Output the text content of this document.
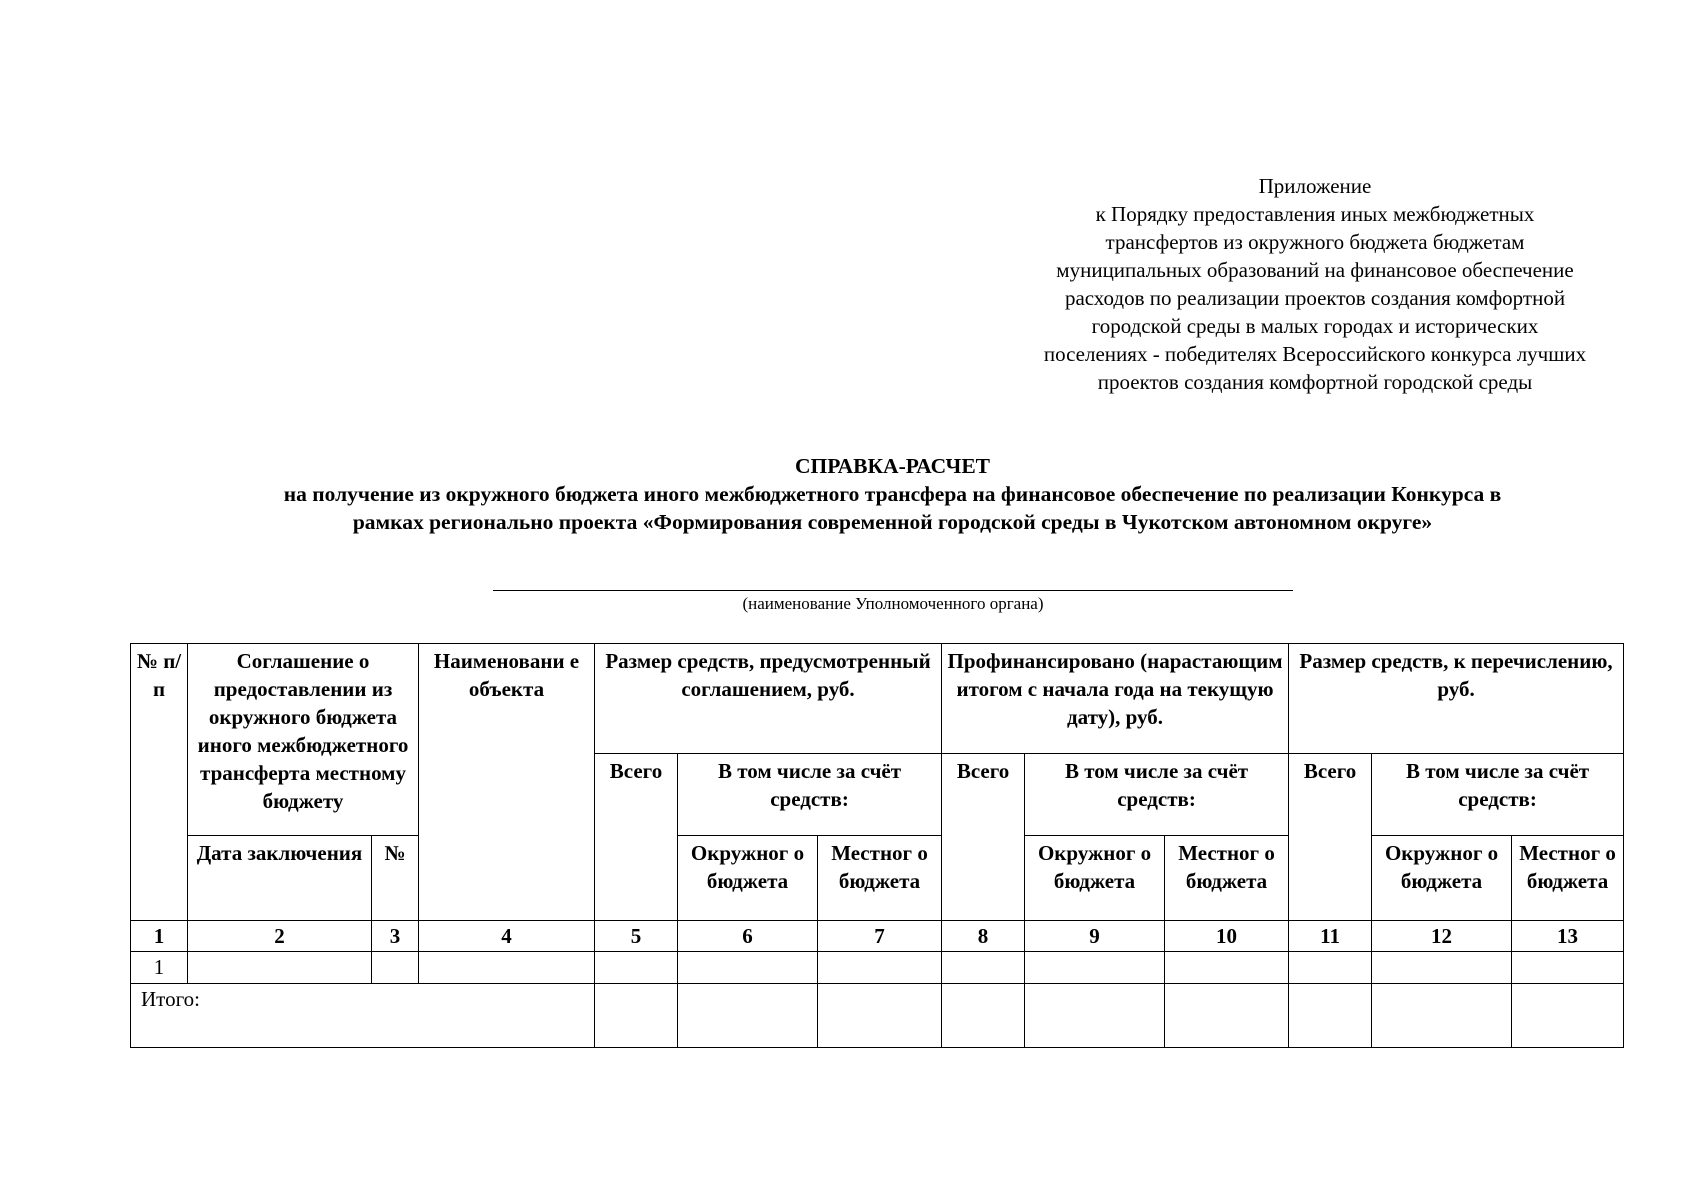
Приложение
к Порядку предоставления иных межбюджетных
трансфертов из окружного бюджета бюджетам
муниципальных образований на финансовое обеспечение
расходов по реализации проектов создания комфортной
городской среды в малых городах и исторических
поселениях - победителях Всероссийского конкурса лучших
проектов создания комфортной городской среды
СПРАВКА-РАСЧЕТ
на получение из окружного бюджета иного межбюджетного трансфера на финансовое обеспечение по реализации Конкурса в
рамках регионально проекта «Формирования современной городской среды в Чукотском автономном округе»
(наименование Уполномоченного органа)
№ п/п	Соглашение о предоставлении из окружного бюджета иного межбюджетного трансферта местному бюджету		Наименовани е объекта	Размер средств, предусмотренный соглашением, руб.			Профинансировано (нарастающим итогом с начала года на текущую дату), руб.			Размер средств, к перечислению, руб.		
				Всего	В том числе за счёт средств:		Всего	В том числе за счёт средств:		Всего	В том числе за счёт средств:	
	Дата заключения	№			Окружног о бюджета	Местног о бюджета		Окружног о бюджета	Местног о бюджета		Окружног о бюджета	Местног о бюджета
1	2	3	4	5	6	7	8	9	10	11	12	13
1												
Итого:												
